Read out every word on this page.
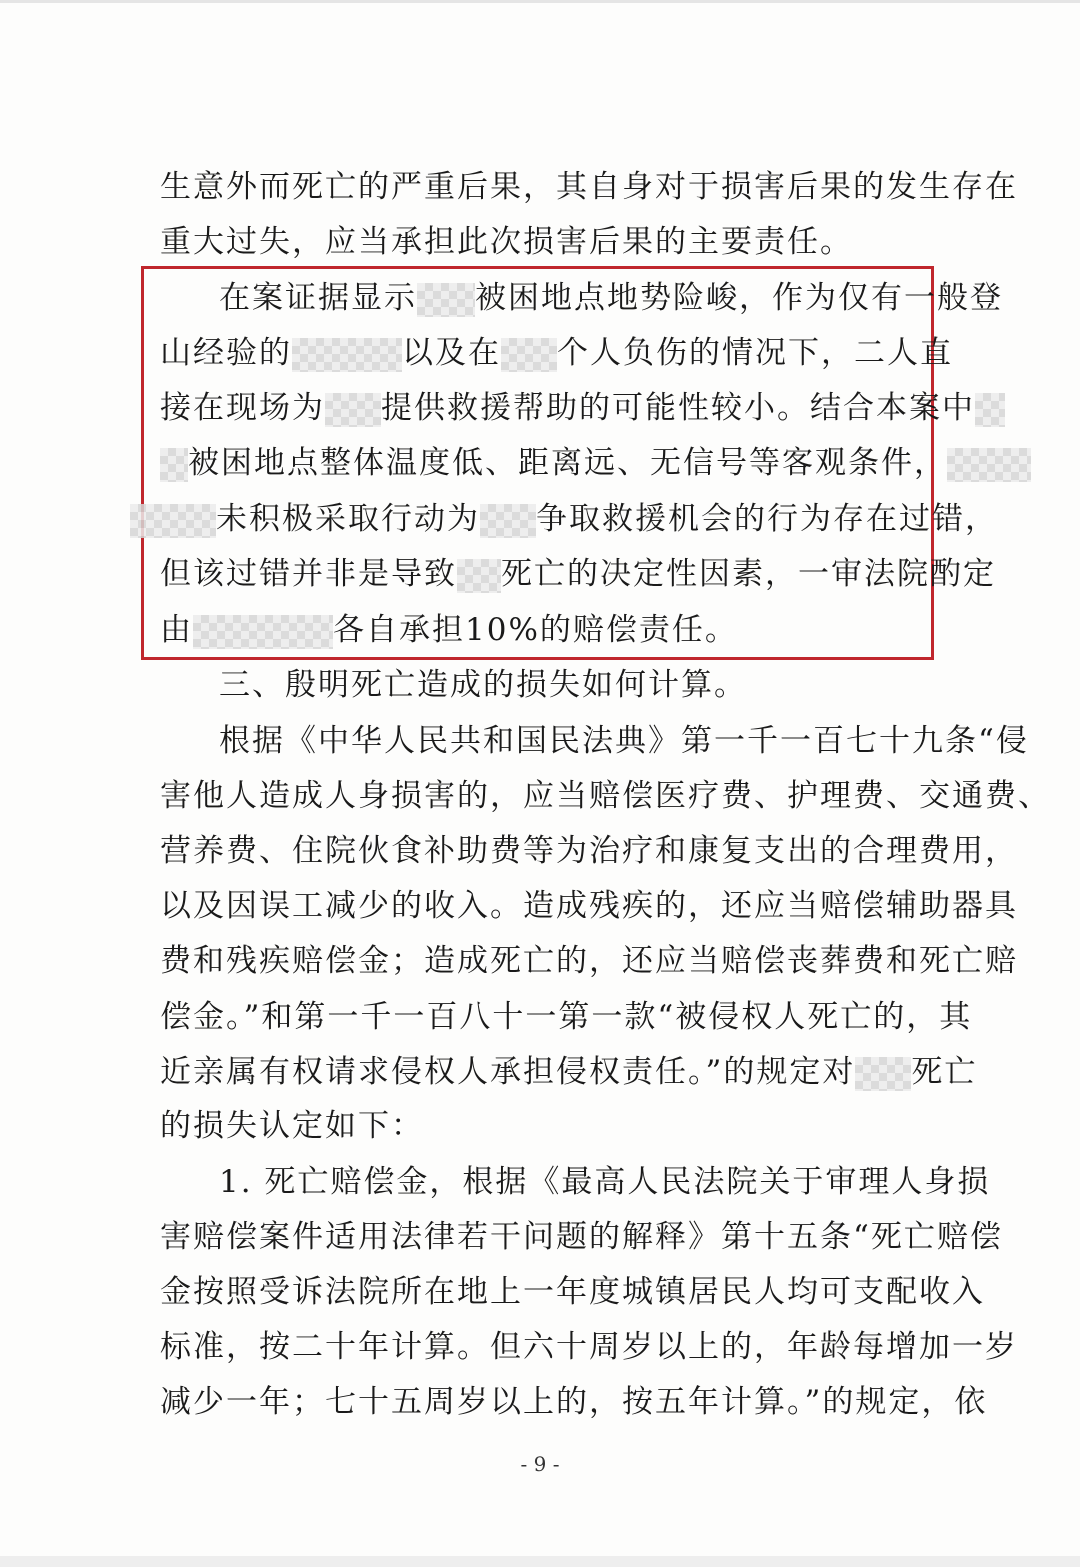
生意外而死亡的严重后果，其自身对于损害后果的发生存在
重大过失，应当承担此次损害后果的主要责任。
在案证据显示 被困地点地势险峻，作为仅有一般登
山经验的	以及在 个人负伤的情况下，二人直
接在现场为 提供救援帮助的可能性较小。结合本案中
被困地点整体温度低、距离远、无信号等客观条件，
未积极采取行动为 争取救援机会的行为存在过错，
但该过错并非是导致 死亡的决定性因素，一审法院酌定
由	各自承担10%的赔偿责任。
三、殷明死亡造成的损失如何计算。
根据《中华人民共和国民法典》第一千一百七十九条“侵
害他人造成人身损害的，应当赔偿医疗费、护理费、交通费、
营养费、住院伙食补助费等为治疗和康复支出的合理费用，
以及因误工减少的收入。造成残疾的，还应当赔偿辅助器具
费和残疾赔偿金；造成死亡的，还应当赔偿丧葬费和死亡赔
偿金。”和第一千一百八十一第一款“被侵权人死亡的，其
近亲属有权请求侵权人承担侵权责任。”的规定对 死亡
的损失认定如下：
1. 死亡赔偿金，根据《最高人民法院关于审理人身损
害赔偿案件适用法律若干问题的解释》第十五条“死亡赔偿
金按照受诉法院所在地上一年度城镇居民人均可支配收入
标准，按二十年计算。但六十周岁以上的，年龄每增加一岁
减少一年；七十五周岁以上的，按五年计算。”的规定，依
- 9 -
